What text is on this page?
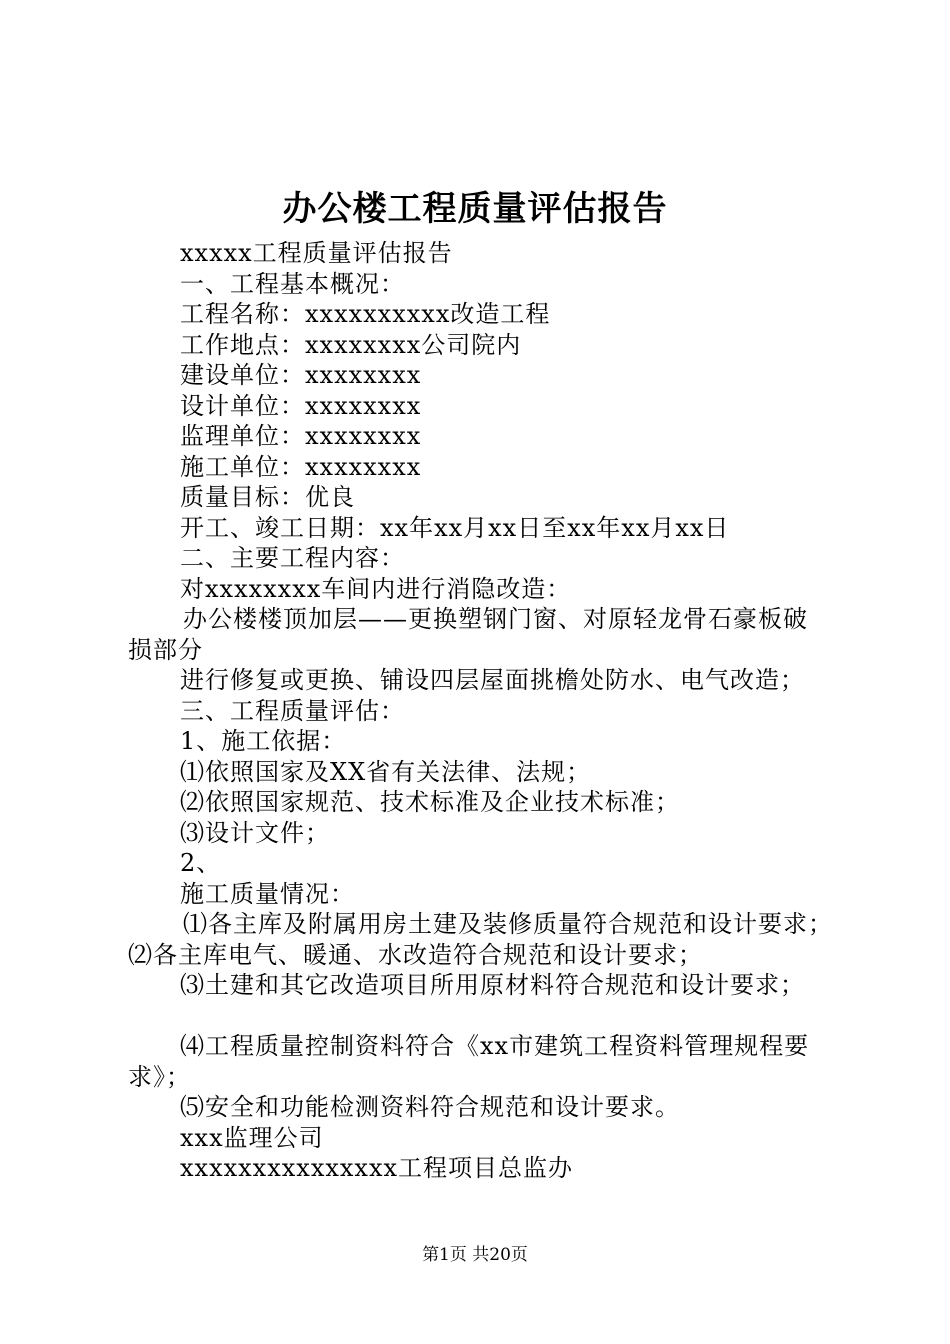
办公楼工程质量评估报告
xxxxx工程质量评估报告
一、工程基本概况：
工程名称：xxxxxxxxxx改造工程
工作地点：xxxxxxxx公司院内
建设单位：xxxxxxxx
设计单位：xxxxxxxx
监理单位：xxxxxxxx
施工单位：xxxxxxxx
质量目标：优良
开工、竣工日期：xx年xx月xx日至xx年xx月xx日
二、主要工程内容：
对xxxxxxxx车间内进行消隐改造：
办公楼楼顶加层——更换塑钢门窗、对原轻龙骨石豪板破
损部分
进行修复或更换、铺设四层屋面挑檐处防水、电气改造；
三、工程质量评估：
1、施工依据：
⑴依照国家及XX省有关法律、法规；
⑵依照国家规范、技术标准及企业技术标准；
⑶设计文件；
2、
施工质量情况：
⑴各主库及附属用房土建及装修质量符合规范和设计要求；
⑵各主库电气、暖通、水改造符合规范和设计要求；
⑶土建和其它改造项目所用原材料符合规范和设计要求；
⑷工程质量控制资料符合《xx市建筑工程资料管理规程要
求》；
⑸安全和功能检测资料符合规范和设计要求。
xxx监理公司
xxxxxxxxxxxxxxx工程项目总监办
第1页 共20页
